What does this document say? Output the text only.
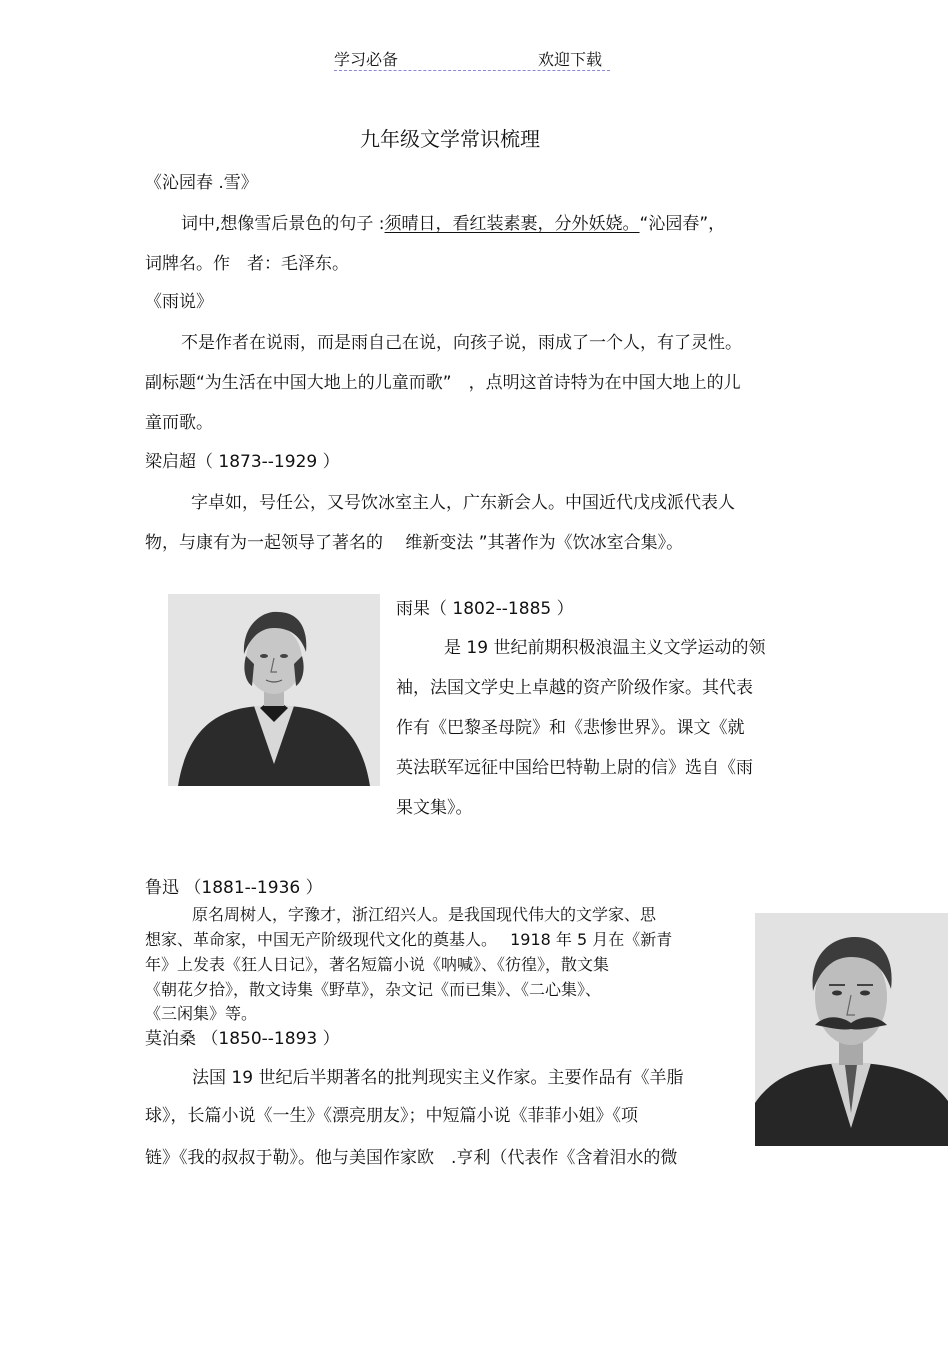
学习必备	欢迎下载
九年级文学常识梳理
《沁园春 .雪》
词中,想像雪后景色的句子 :须晴日，看红装素裹，分外妖娆。“沁园春”，
词牌名。作　者：毛泽东。
《雨说》
不是作者在说雨，而是雨自己在说，向孩子说，雨成了一个人，有了灵性。
副标题“为生活在中国大地上的儿童而歌”　，点明这首诗特为在中国大地上的儿
童而歌。
梁启超（ 1873--1929 ）
字卓如，号任公，又号饮冰室主人，广东新会人。中国近代戊戌派代表人
物，与康有为一起领导了著名的　 维新变法 ”其著作为《饮冰室合集》。
雨果（ 1802--1885 ）
是 19 世纪前期积极浪温主义文学运动的领
袖，法国文学史上卓越的资产阶级作家。其代表
作有《巴黎圣母院》和《悲惨世界》。课文《就
英法联军远征中国给巴特勒上尉的信》选自《雨
果文集》。
鲁迅 （1881--1936 ）
原名周树人，字豫才，浙江绍兴人。是我国现代伟大的文学家、思
想家、革命家，中国无产阶级现代文化的奠基人。　 1918 年 5 月在《新青
年》上发表《狂人日记》，著名短篇小说《呐喊》、《彷徨》，散文集
《朝花夕拾》，散文诗集《野草》，杂文记《而已集》、《二心集》、
《三闲集》等。
莫泊桑 （1850--1893 ）
法国 19 世纪后半期著名的批判现实主义作家。主要作品有《羊脂
球》，长篇小说《一生》《漂亮朋友》；中短篇小说《菲菲小姐》《项
链》《我的叔叔于勒》。他与美国作家欧　.亨利（代表作《含着泪水的微
